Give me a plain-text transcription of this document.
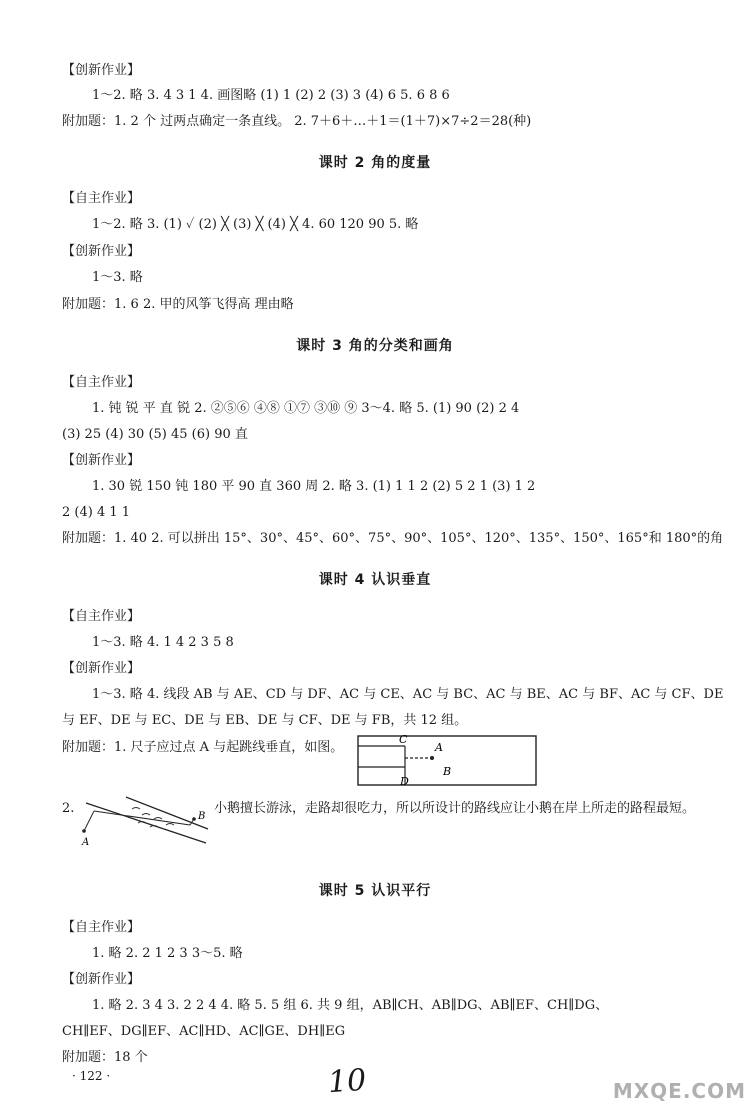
【创新作业】
1～2. 略 3. 4 3 1 4. 画图略 (1) 1 (2) 2 (3) 3 (4) 6 5. 6 8 6
附加题：1. 2 个 过两点确定一条直线。 2. 7＋6＋…＋1＝(1＋7)×7÷2＝28(种)
课时 2 角的度量
【自主作业】
1～2. 略 3. (1) ✓ (2) ╳ (3) ╳ (4) ╳ 4. 60 120 90 5. 略
【创新作业】
1～3. 略
附加题：1. 6 2. 甲的风筝飞得高 理由略
课时 3 角的分类和画角
【自主作业】
1. 钝 锐 平 直 锐 2. ②⑤⑥ ④⑧ ①⑦ ③⑩ ⑨ 3～4. 略 5. (1) 90 (2) 2 4
(3) 25 (4) 30 (5) 45 (6) 90 直
【创新作业】
1. 30 锐 150 钝 180 平 90 直 360 周 2. 略 3. (1) 1 1 2 (2) 5 2 1 (3) 1 2
2 (4) 4 1 1
附加题：1. 40 2. 可以拼出 15°、30°、45°、60°、75°、90°、105°、120°、135°、150°、165°和 180°的角
课时 4 认识垂直
【自主作业】
1～3. 略 4. 1 4 2 3 5 8
【创新作业】
1～3. 略 4. 线段 AB 与 AE、CD 与 DF、AC 与 CE、AC 与 BC、AC 与 BE、AC 与 BF、AC 与 CF、DE
与 EF、DE 与 EC、DE 与 EB、DE 与 CF、DE 与 FB，共 12 组。
附加题：1. 尺子应过点 A 与起跳线垂直，如图。
C
A
B
D
2.
A
B
小鹅擅长游泳，走路却很吃力，所以所设计的路线应让小鹅在岸上所走的路程最短。
课时 5 认识平行
【自主作业】
1. 略 2. 2 1 2 3 3～5. 略
【创新作业】
1. 略 2. 3 4 3. 2 2 4 4. 略 5. 5 组 6. 共 9 组，AB∥CH、AB∥DG、AB∥EF、CH∥DG、
CH∥EF、DG∥EF、AC∥HD、AC∥GE、DH∥EG
附加题：18 个
· 122 ·	10	MXQE.COM
